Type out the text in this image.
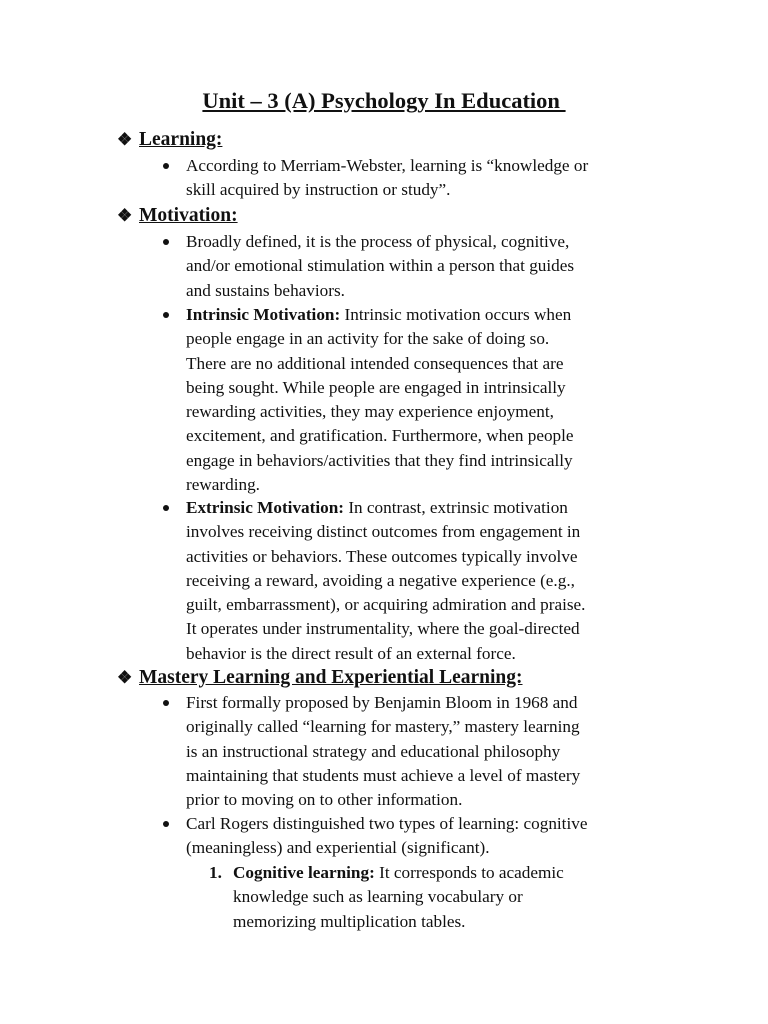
Unit – 3 (A) Psychology In Education
❖ Learning:
According to Merriam-Webster, learning is “knowledge or
skill acquired by instruction or study”.
❖ Motivation:
Broadly defined, it is the process of physical, cognitive,
and/or emotional stimulation within a person that guides
and sustains behaviors.
Intrinsic Motivation: Intrinsic motivation occurs when
people engage in an activity for the sake of doing so.
There are no additional intended consequences that are
being sought. While people are engaged in intrinsically
rewarding activities, they may experience enjoyment,
excitement, and gratification. Furthermore, when people
engage in behaviors/activities that they find intrinsically
rewarding.
Extrinsic Motivation: In contrast, extrinsic motivation
involves receiving distinct outcomes from engagement in
activities or behaviors. These outcomes typically involve
receiving a reward, avoiding a negative experience (e.g.,
guilt, embarrassment), or acquiring admiration and praise.
It operates under instrumentality, where the goal-directed
behavior is the direct result of an external force.
❖ Mastery Learning and Experiential Learning:
First formally proposed by Benjamin Bloom in 1968 and
originally called “learning for mastery,” mastery learning
is an instructional strategy and educational philosophy
maintaining that students must achieve a level of mastery
prior to moving on to other information.
Carl Rogers distinguished two types of learning: cognitive
(meaningless) and experiential (significant).
1. Cognitive learning: It corresponds to academic
knowledge such as learning vocabulary or
memorizing multiplication tables.
